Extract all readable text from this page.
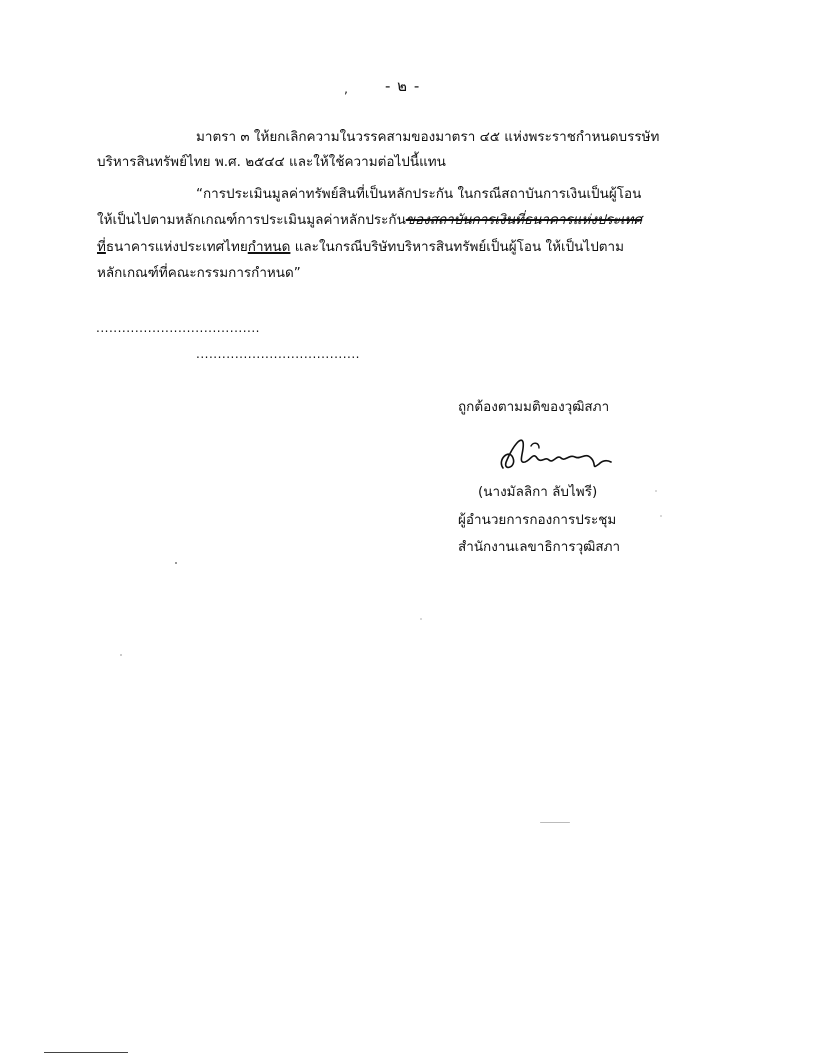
‚ - ๒ -
มาตรา ๓ ให้ยกเลิกความในวรรคสามของมาตรา ๔๕ แห่งพระราชกำหนดบรรษัท
บริหารสินทรัพย์ไทย พ.ศ. ๒๕๔๔ และให้ใช้ความต่อไปนี้แทน
“การประเมินมูลค่าทรัพย์สินที่เป็นหลักประกัน ในกรณีสถาบันการเงินเป็นผู้โอน
ให้เป็นไปตามหลักเกณฑ์การประเมินมูลค่าหลักประกันของสถาบันการเงินที่ธนาคารแห่งประเทศ
ที่ธนาคารแห่งประเทศไทยกำหนด และในกรณีบริษัทบริหารสินทรัพย์เป็นผู้โอน ให้เป็นไปตาม
หลักเกณฑ์ที่คณะกรรมการกำหนด”
......................................
......................................
ถูกต้องตามมติของวุฒิสภา
(นางมัลลิกา ลับไพรี)
ผู้อำนวยการกองการประชุม
สำนักงานเลขาธิการวุฒิสภา
